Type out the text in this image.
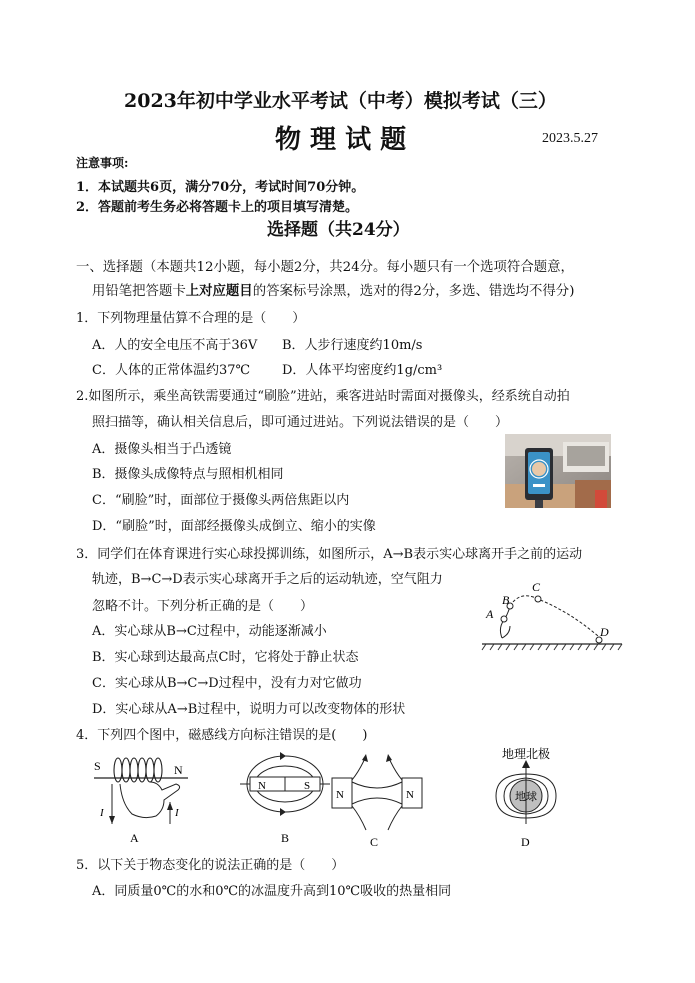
2023年初中学业水平考试（中考）模拟考试（三）
物 理 试 题	2023.5.27
注意事项:
1．本试题共6页，满分70分，考试时间70分钟。
2．答题前考生务必将答题卡上的项目填写清楚。
选择题（共24分）
一、选择题（本题共12小题，每小题2分，共24分。每小题只有一个选项符合题意，
用铅笔把答题卡上对应题目的答案标号涂黑，选对的得2分，多选、错选均不得分)
1．下列物理量估算不合理的是（　　）
A．人的安全电压不高于36V B．人步行速度约10m/s
C．人体的正常体温约37℃ D．人体平均密度约1g/cm³
2.如图所示，乘坐高铁需要通过“刷脸”进站，乘客进站时需面对摄像头，经系统自动拍
照扫描等，确认相关信息后，即可通过进站。下列说法错误的是（　　）
A．摄像头相当于凸透镜
B．摄像头成像特点与照相机相同
C．“刷脸”时，面部位于摄像头两倍焦距以内
D．“刷脸”时，面部经摄像头成倒立、缩小的实像
3．同学们在体育课进行实心球投掷训练，如图所示，A→B表示实心球离开手之前的运动
轨迹，B→C→D表示实心球离开手之后的运动轨迹，空气阻力
忽略不计。下列分析正确的是（　　）
A．实心球从B→C过程中，动能逐渐减小
B．实心球到达最高点C时，它将处于静止状态
C．实心球从B→C→D过程中，没有力对它做功
D．实心球从A→B过程中，说明力可以改变物体的形状
A
B
C
D
4．下列四个图中，磁感线方向标注错误的是(　　)
S	N
I	I
A
N	S
B
N	N
C
地理北极
地球
D
5．以下关于物态变化的说法正确的是（　　）
A．同质量0℃的水和0℃的冰温度升高到10℃吸收的热量相同
